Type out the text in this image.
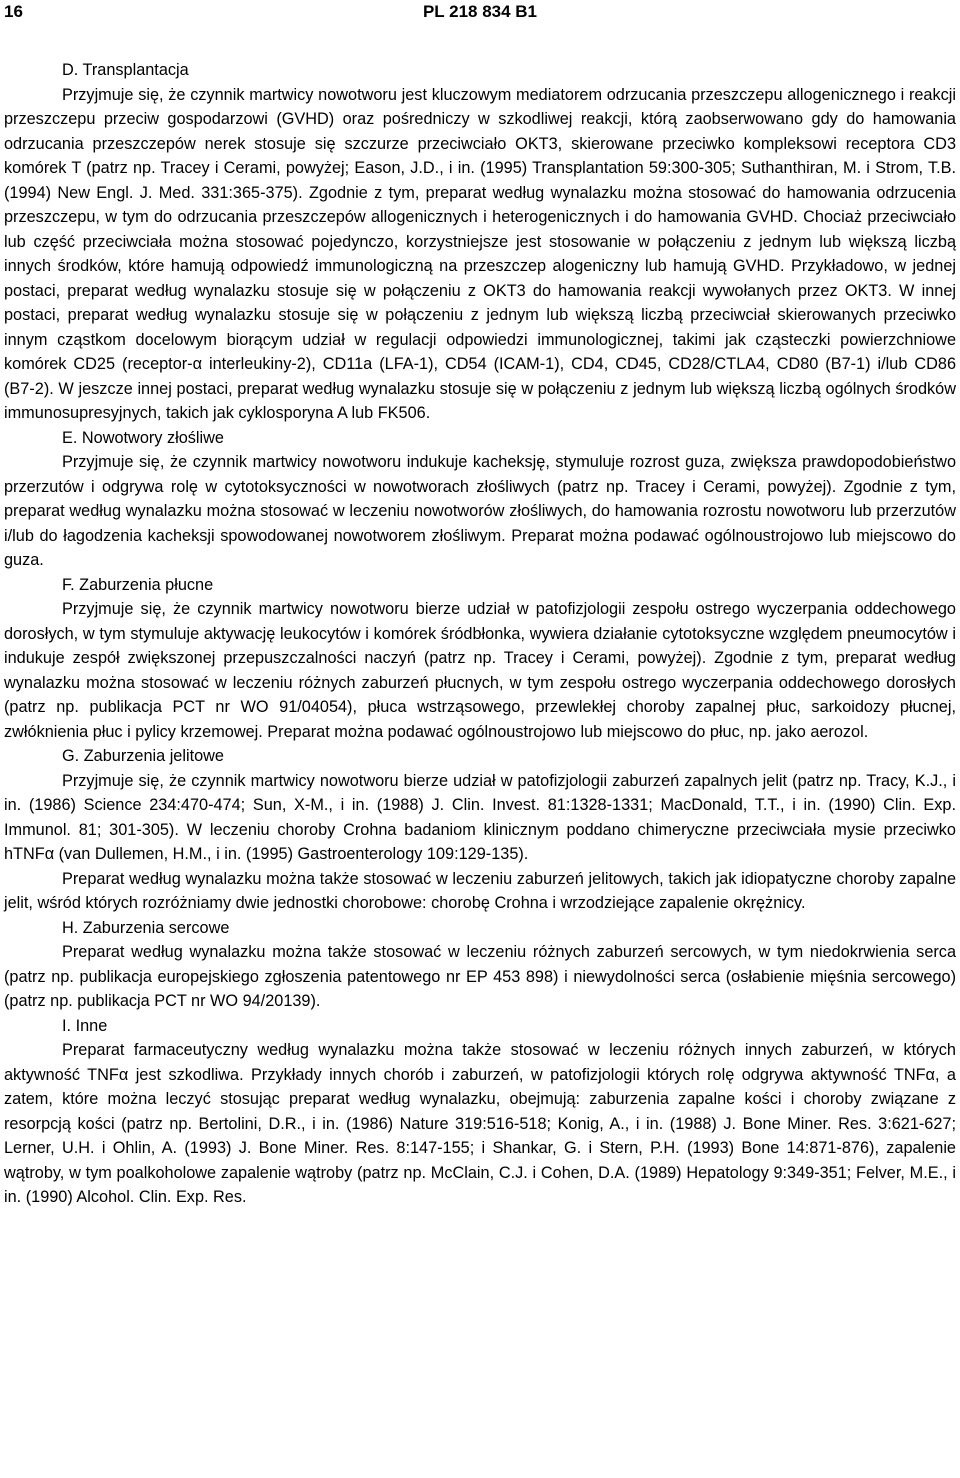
16	PL 218 834 B1

D. Transplantacja

Przyjmuje się, że czynnik martwicy nowotworu jest kluczowym mediatorem odrzucania przeszczepu allogenicznego i reakcji przeszczepu przeciw gospodarzowi (GVHD) oraz pośredniczy w szkodliwej reakcji, którą zaobserwowano gdy do hamowania odrzucania przeszczepów nerek stosuje się szczurze przeciwciało OKT3, skierowane przeciwko kompleksowi receptora CD3 komórek T (patrz np. Tracey i Cerami, powyżej; Eason, J.D., i in. (1995) Transplantation 59:300-305; Suthanthiran, M. i Strom, T.B. (1994) New Engl. J. Med. 331:365-375). Zgodnie z tym, preparat według wynalazku można stosować do hamowania odrzucenia przeszczepu, w tym do odrzucania przeszczepów allogenicznych i heterogenicznych i do hamowania GVHD. Chociaż przeciwciało lub część przeciwciała można stosować pojedynczo, korzystniejsze jest stosowanie w połączeniu z jednym lub większą liczbą innych środków, które hamują odpowiedź immunologiczną na przeszczep alogeniczny lub hamują GVHD. Przykładowo, w jednej postaci, preparat według wynalazku stosuje się w połączeniu z OKT3 do hamowania reakcji wywołanych przez OKT3. W innej postaci, preparat według wynalazku stosuje się w połączeniu z jednym lub większą liczbą przeciwciał skierowanych przeciwko innym cząstkom docelowym biorącym udział w regulacji odpowiedzi immunologicznej, takimi jak cząsteczki powierzchniowe komórek CD25 (receptor-α interleukiny-2), CD11a (LFA-1), CD54 (ICAM-1), CD4, CD45, CD28/CTLA4, CD80 (B7-1) i/lub CD86 (B7-2). W jeszcze innej postaci, preparat według wynalazku stosuje się w połączeniu z jednym lub większą liczbą ogólnych środków immunosupresyjnych, takich jak cyklosporyna A lub FK506.

E. Nowotwory złośliwe

Przyjmuje się, że czynnik martwicy nowotworu indukuje kacheksję, stymuluje rozrost guza, zwiększa prawdopodobieństwo przerzutów i odgrywa rolę w cytotoksyczności w nowotworach złośliwych (patrz np. Tracey i Cerami, powyżej). Zgodnie z tym, preparat według wynalazku można stosować w leczeniu nowotworów złośliwych, do hamowania rozrostu nowotworu lub przerzutów i/lub do łagodzenia kacheksji spowodowanej nowotworem złośliwym. Preparat można podawać ogólnoustrojowo lub miejscowo do guza.

F. Zaburzenia płucne

Przyjmuje się, że czynnik martwicy nowotworu bierze udział w patofizjologii zespołu ostrego wyczerpania oddechowego dorosłych, w tym stymuluje aktywację leukocytów i komórek śródbłonka, wywiera działanie cytotoksyczne względem pneumocytów i indukuje zespół zwiększonej przepuszczalności naczyń (patrz np. Tracey i Cerami, powyżej). Zgodnie z tym, preparat według wynalazku można stosować w leczeniu różnych zaburzeń płucnych, w tym zespołu ostrego wyczerpania oddechowego dorosłych (patrz np. publikacja PCT nr WO 91/04054), płuca wstrząsowego, przewlekłej choroby zapalnej płuc, sarkoidozy płucnej, zwłóknienia płuc i pylicy krzemowej. Preparat można podawać ogólnoustrojowo lub miejscowo do płuc, np. jako aerozol.

G. Zaburzenia jelitowe

Przyjmuje się, że czynnik martwicy nowotworu bierze udział w patofizjologii zaburzeń zapalnych jelit (patrz np. Tracy, K.J., i in. (1986) Science 234:470-474; Sun, X-M., i in. (1988) J. Clin. Invest. 81:1328-1331; MacDonald, T.T., i in. (1990) Clin. Exp. Immunol. 81; 301-305). W leczeniu choroby Crohna badaniom klinicznym poddano chimeryczne przeciwciała mysie przeciwko hTNFα (van Dullemen, H.M., i in. (1995) Gastroenterology 109:129-135).

Preparat według wynalazku można także stosować w leczeniu zaburzeń jelitowych, takich jak idiopatyczne choroby zapalne jelit, wśród których rozróżniamy dwie jednostki chorobowe: chorobę Crohna i wrzodziejące zapalenie okrężnicy.

H. Zaburzenia sercowe

Preparat według wynalazku można także stosować w leczeniu różnych zaburzeń sercowych, w tym niedokrwienia serca (patrz np. publikacja europejskiego zgłoszenia patentowego nr EP 453 898) i niewydolności serca (osłabienie mięśnia sercowego) (patrz np. publikacja PCT nr WO 94/20139).

I. Inne

Preparat farmaceutyczny według wynalazku można także stosować w leczeniu różnych innych zaburzeń, w których aktywność TNFα jest szkodliwa. Przykłady innych chorób i zaburzeń, w patofizjologii których rolę odgrywa aktywność TNFα, a zatem, które można leczyć stosując preparat według wynalazku, obejmują: zaburzenia zapalne kości i choroby związane z resorpcją kości (patrz np. Bertolini, D.R., i in. (1986) Nature 319:516-518; Konig, A., i in. (1988) J. Bone Miner. Res. 3:621-627; Lerner, U.H. i Ohlin, A. (1993) J. Bone Miner. Res. 8:147-155; i Shankar, G. i Stern, P.H. (1993) Bone 14:871-876), zapalenie wątroby, w tym poalkoholowe zapalenie wątroby (patrz np. McClain, C.J. i Cohen, D.A. (1989) Hepatology 9:349-351; Felver, M.E., i in. (1990) Alcohol. Clin. Exp. Res.
